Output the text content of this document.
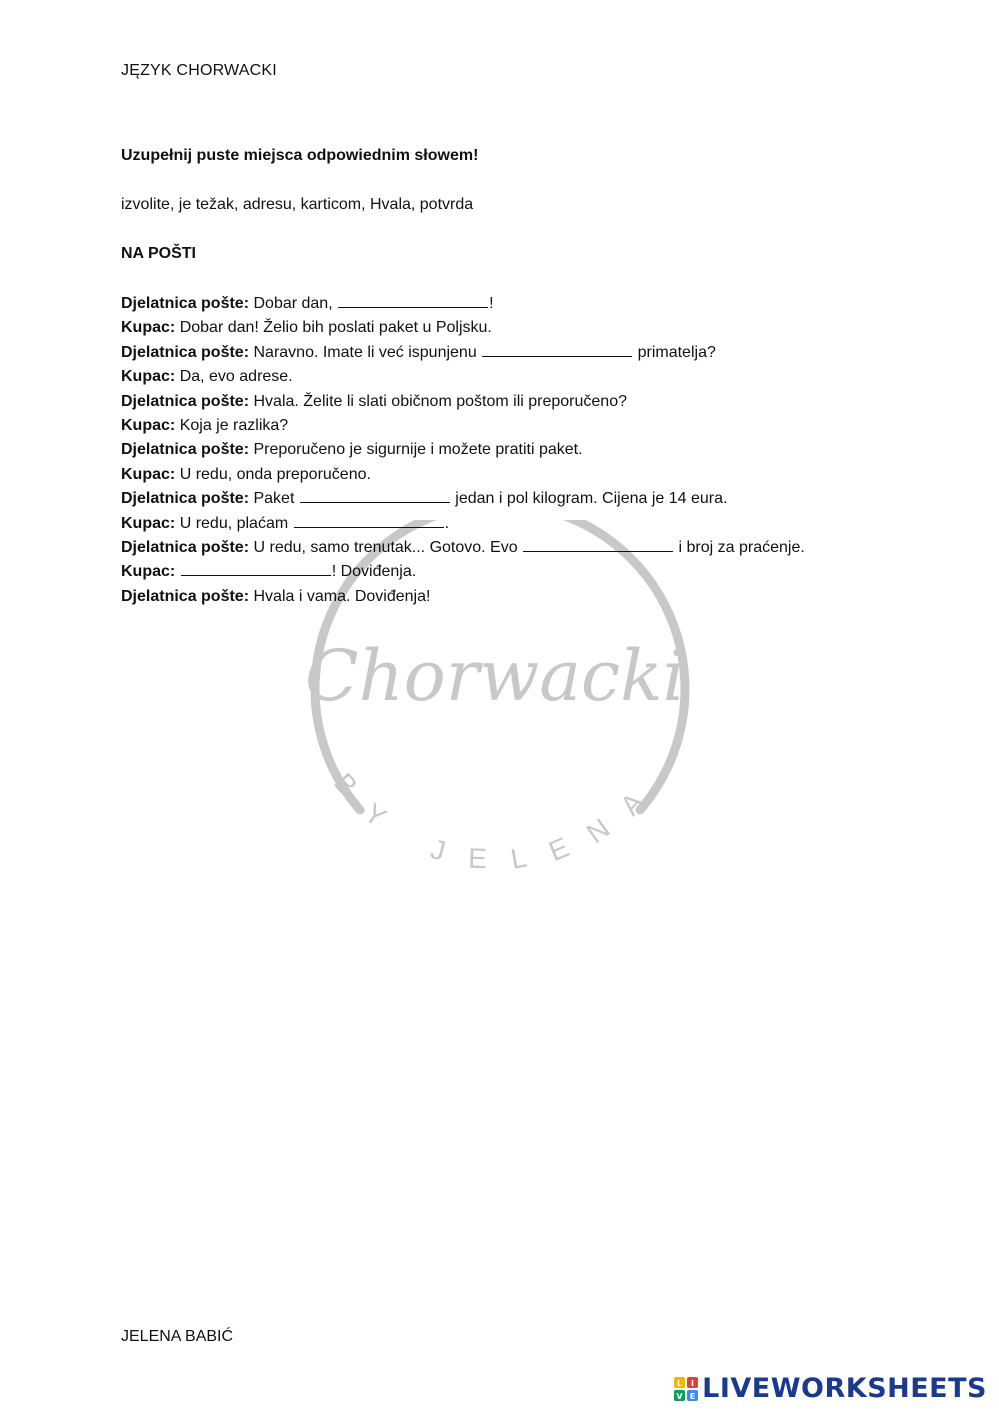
JĘZYK CHORWACKI
Uzupełnij puste miejsca odpowiednim słowem!
izvolite, je težak, adresu, karticom, Hvala, potvrda
NA POŠTI
Chorwacki
BY JELENA
Djelatnica pošte: Dobar dan,	!
Kupac: Dobar dan! Želio bih poslati paket u Poljsku.
Djelatnica pošte: Naravno. Imate li već ispunjenu	primatelja?
Kupac: Da, evo adrese.
Djelatnica pošte: Hvala. Želite li slati običnom poštom ili preporučeno?
Kupac: Koja je razlika?
Djelatnica pošte: Preporučeno je sigurnije i možete pratiti paket.
Kupac: U redu, onda preporučeno.
Djelatnica pošte: Paket	jedan i pol kilogram. Cijena je 14 eura.
Kupac: U redu, plaćam	.
Djelatnica pošte: U redu, samo trenutak... Gotovo. Evo	i broj za praćenje.
Kupac:	! Doviđenja.
Djelatnica pošte: Hvala i vama. Doviđenja!
JELENA BABIĆ
L I
V E LIVEWORKSHEETS
